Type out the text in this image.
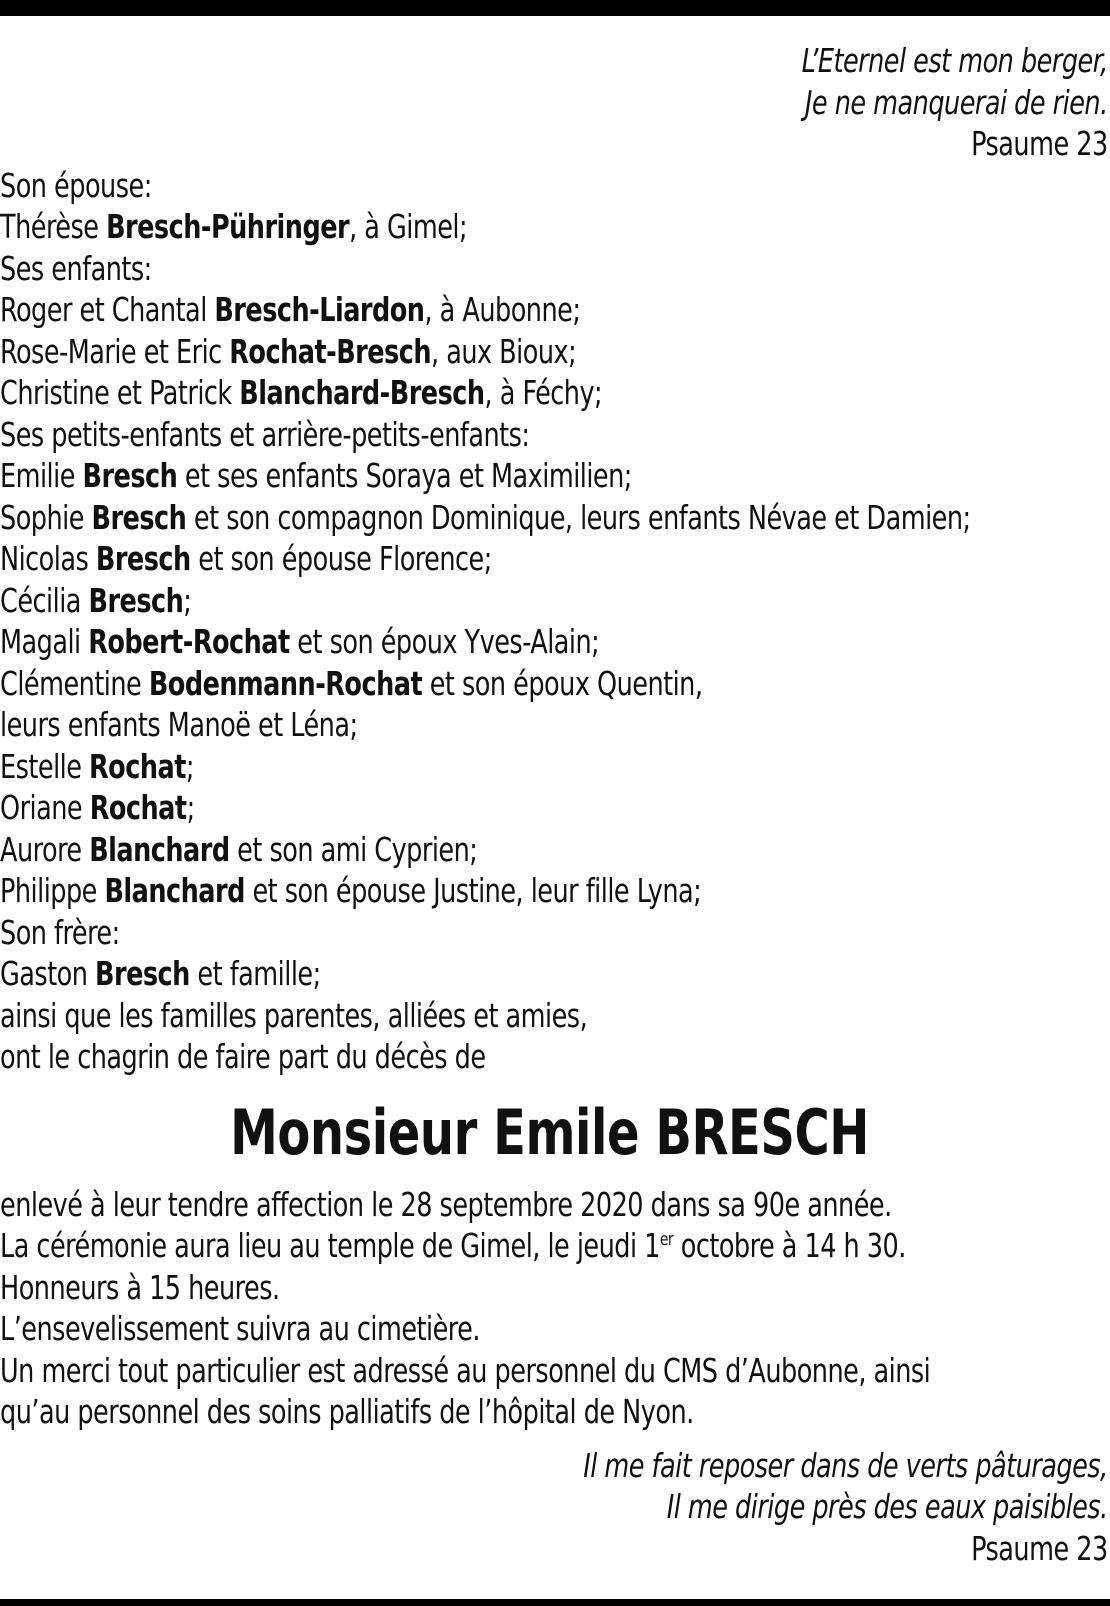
L’Eternel est mon berger,
Je ne manquerai de rien.
Psaume 23
Son épouse:
Thérèse Bresch-Pühringer, à Gimel;
Ses enfants:
Roger et Chantal Bresch-Liardon, à Aubonne;
Rose-Marie et Eric Rochat-Bresch, aux Bioux;
Christine et Patrick Blanchard-Bresch, à Féchy;
Ses petits-enfants et arrière-petits-enfants:
Emilie Bresch et ses enfants Soraya et Maximilien;
Sophie Bresch et son compagnon Dominique, leurs enfants Névae et Damien;
Nicolas Bresch et son épouse Florence;
Cécilia Bresch;
Magali Robert-Rochat et son époux Yves-Alain;
Clémentine Bodenmann-Rochat et son époux Quentin,
leurs enfants Manoë et Léna;
Estelle Rochat;
Oriane Rochat;
Aurore Blanchard et son ami Cyprien;
Philippe Blanchard et son épouse Justine, leur fille Lyna;
Son frère:
Gaston Bresch et famille;
ainsi que les familles parentes, alliées et amies,
ont le chagrin de faire part du décès de
Monsieur Emile BRESCH
enlevé à leur tendre affection le 28 septembre 2020 dans sa 90e année.
La cérémonie aura lieu au temple de Gimel, le jeudi 1er octobre à 14 h 30.
Honneurs à 15 heures.
L’ensevelissement suivra au cimetière.
Un merci tout particulier est adressé au personnel du CMS d’Aubonne, ainsi
qu’au personnel des soins palliatifs de l’hôpital de Nyon.
Il me fait reposer dans de verts pâturages,
Il me dirige près des eaux paisibles.
Psaume 23
